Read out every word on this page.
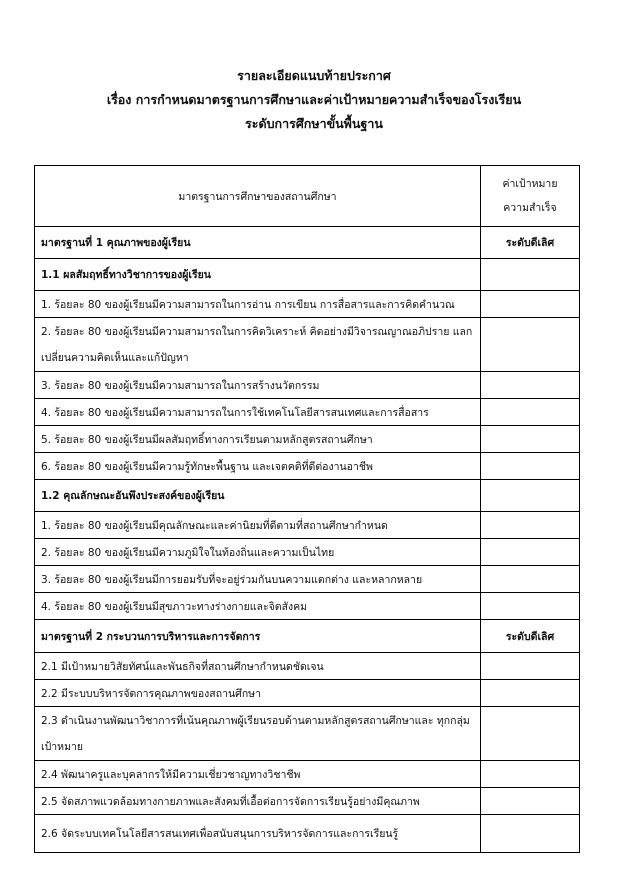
รายละเอียดแนบท้ายประกาศ
เรื่อง การกำหนดมาตรฐานการศึกษาและค่าเป้าหมายความสำเร็จของโรงเรียน
ระดับการศึกษาขั้นพื้นฐาน
มาตรฐานการศึกษาของสถานศึกษา	ค่าเป้าหมาย
ความสำเร็จ

มาตรฐานที่ 1 คุณภาพของผู้เรียน	ระดับดีเลิศ
1.1 ผลสัมฤทธิ์ทางวิชาการของผู้เรียน	
1. ร้อยละ 80 ของผู้เรียนมีความสามารถในการอ่าน การเขียน การสื่อสารและการคิดคำนวณ	
2. ร้อยละ 80 ของผู้เรียนมีความสามารถในการคิดวิเคราะห์ คิดอย่างมีวิจารณญาณอภิปราย แลกเปลี่ยนความคิดเห็นและแก้ปัญหา	
3. ร้อยละ 80 ของผู้เรียนมีความสามารถในการสร้างนวัตกรรม	
4. ร้อยละ 80 ของผู้เรียนมีความสามารถในการใช้เทคโนโลยีสารสนเทศและการสื่อสาร	
5. ร้อยละ 80 ของผู้เรียนมีผลสัมฤทธิ์ทางการเรียนตามหลักสูตรสถานศึกษา	
6. ร้อยละ 80 ของผู้เรียนมีความรู้ทักษะพื้นฐาน และเจตคติที่ดีต่องานอาชีพ	
1.2 คุณลักษณะอันพึงประสงค์ของผู้เรียน	
1. ร้อยละ 80 ของผู้เรียนมีคุณลักษณะและค่านิยมที่ดีตามที่สถานศึกษากำหนด	
2. ร้อยละ 80 ของผู้เรียนมีความภูมิใจในท้องถิ่นและความเป็นไทย	
3. ร้อยละ 80 ของผู้เรียนมีการยอมรับที่จะอยู่ร่วมกันบนความแตกต่าง และหลากหลาย	
4. ร้อยละ 80 ของผู้เรียนมีสุขภาวะทางร่างกายและจิตสังคม	
มาตรฐานที่ 2 กระบวนการบริหารและการจัดการ	ระดับดีเลิศ
2.1 มีเป้าหมายวิสัยทัศน์และพันธกิจที่สถานศึกษากำหนดชัดเจน	
2.2 มีระบบบริหารจัดการคุณภาพของสถานศึกษา	
2.3 ดำเนินงานพัฒนาวิชาการที่เน้นคุณภาพผู้เรียนรอบด้านตามหลักสูตรสถานศึกษาและ ทุกกลุ่มเป้าหมาย	
2.4 พัฒนาครูและบุคลากรให้มีความเชี่ยวชาญทางวิชาชีพ	
2.5 จัดสภาพแวดล้อมทางกายภาพและสังคมที่เอื้อต่อการจัดการเรียนรู้อย่างมีคุณภาพ	
2.6 จัดระบบเทคโนโลยีสารสนเทศเพื่อสนับสนุนการบริหารจัดการและการเรียนรู้	
